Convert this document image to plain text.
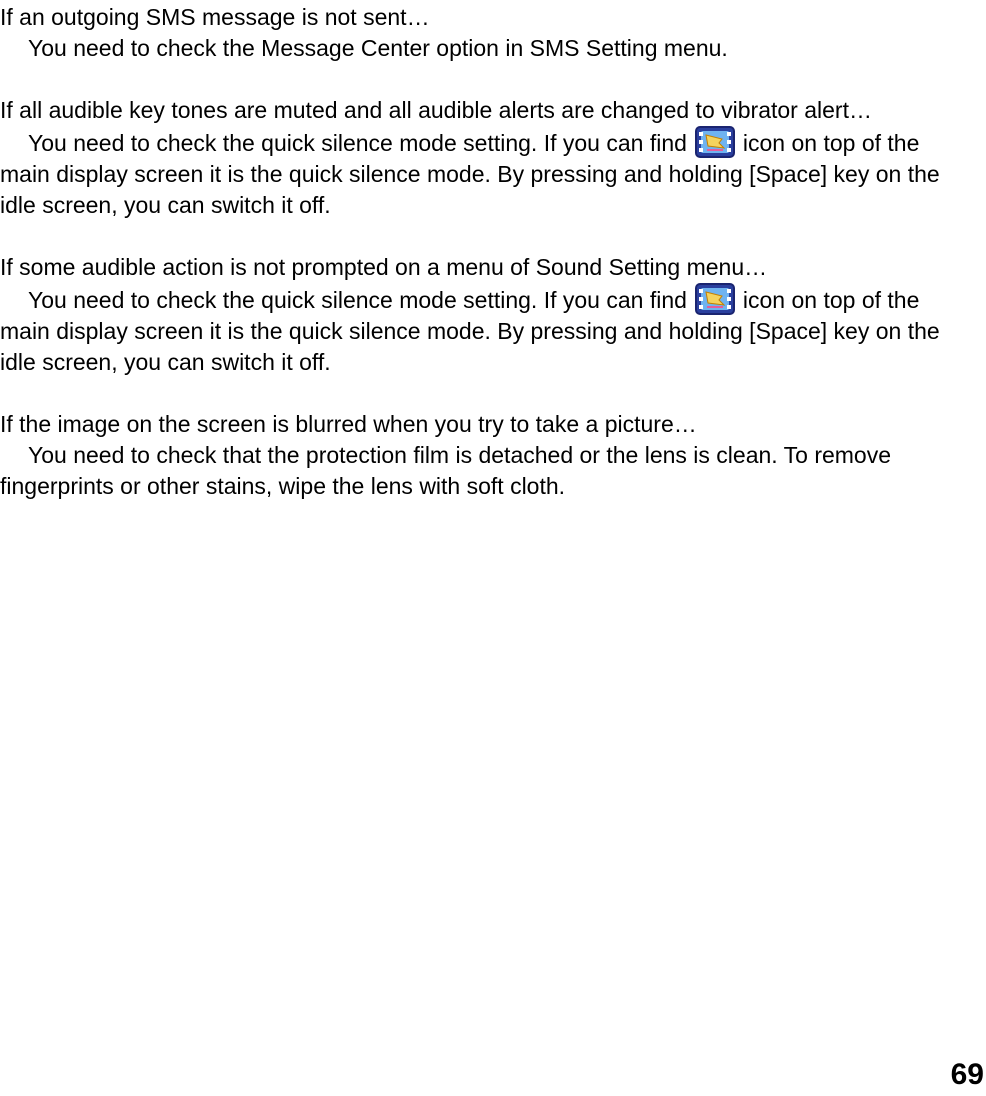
If an outgoing SMS message is not sent…
You need to check the Message Center option in SMS Setting menu.
If all audible key tones are muted and all audible alerts are changed to vibrator alert…
You need to check the quick silence mode setting. If you can find icon on top of the main display screen it is the quick silence mode. By pressing and holding [Space] key on the idle screen, you can switch it off.
If some audible action is not prompted on a menu of Sound Setting menu…
You need to check the quick silence mode setting. If you can find icon on top of the main display screen it is the quick silence mode. By pressing and holding [Space] key on the idle screen, you can switch it off.
If the image on the screen is blurred when you try to take a picture…
You need to check that the protection film is detached or the lens is clean. To remove fingerprints or other stains, wipe the lens with soft cloth.
69
